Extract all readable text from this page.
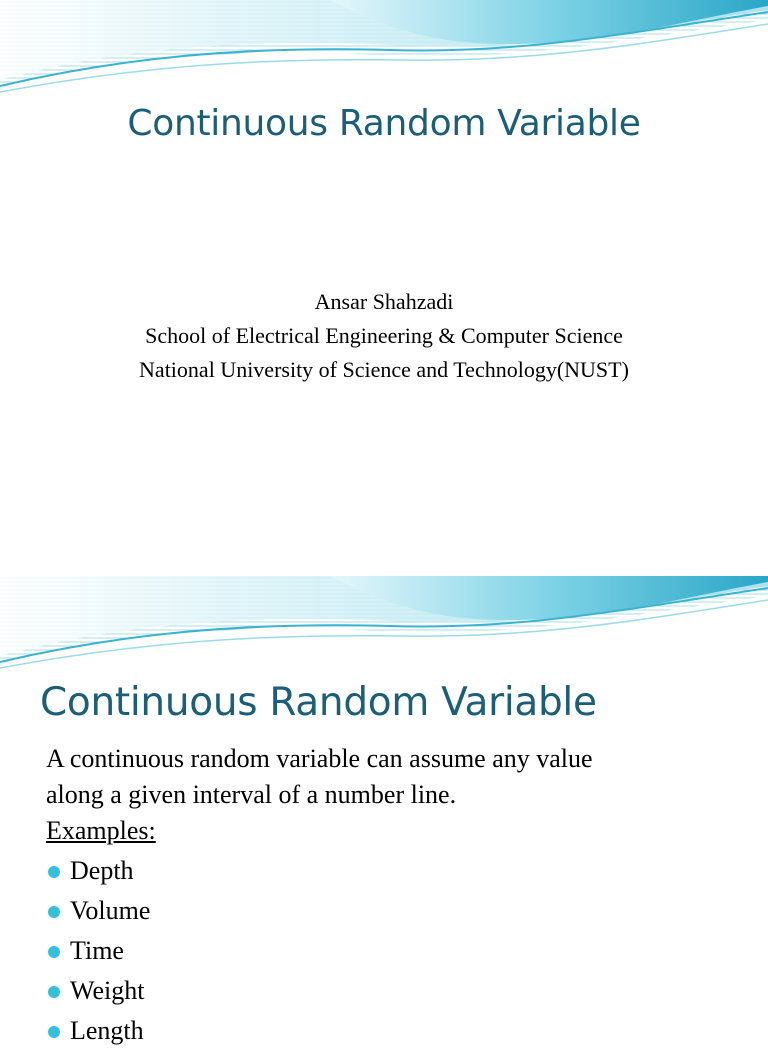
Continuous Random Variable
Ansar Shahzadi
School of Electrical Engineering & Computer Science
National University of Science and Technology(NUST)
Continuous Random Variable
A continuous random variable can assume any value
along a given interval of a number line.
Examples:
Depth
Volume
Time
Weight
Length
